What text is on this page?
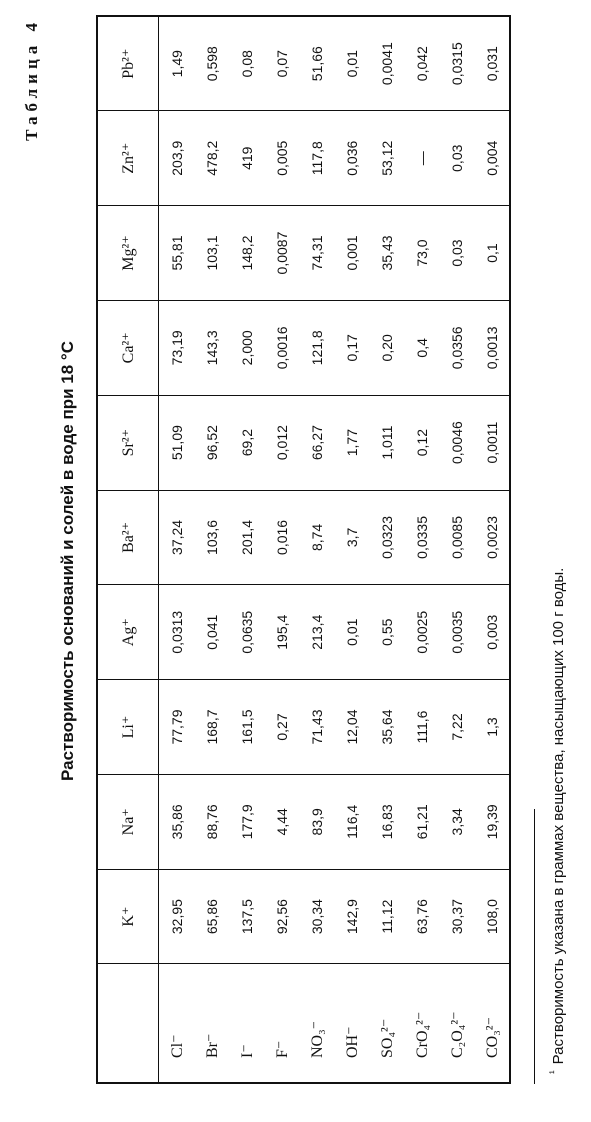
Таблица 4
Растворимость оснований и солей в воде при 18 °С
	K⁺	Na⁺	Li⁺	Ag⁺	Ba²⁺	Sr²⁺	Ca²⁺	Mg²⁺	Zn²⁺	Pb²⁺
Cl⁻	32,95	35,86	77,79	0,0313	37,24	51,09	73,19	55,81	203,9	1,49
Br⁻	65,86	88,76	168,7	0,041	103,6	96,52	143,3	103,1	478,2	0,598
I⁻	137,5	177,9	161,5	0,0635	201,4	69,2	2,000	148,2	419	0,08
F⁻	92,56	4,44	0,27	195,4	0,016	0,012	0,0016	0,0087	0,005	0,07
NO₃⁻	30,34	83,9	71,43	213,4	8,74	66,27	121,8	74,31	117,8	51,66
OH⁻	142,9	116,4	12,04	0,01	3,7	1,77	0,17	0,001	0,036	0,01
SO₄²⁻	11,12	16,83	35,64	0,55	0,0323	1,011	0,20	35,43	53,12	0,0041
CrO₄²⁻	63,76	61,21	111,6	0,0025	0,0335	0,12	0,4	73,0	—	0,042
C₂O₄²⁻	30,37	3,34	7,22	0,0035	0,0085	0,0046	0,0356	0,03	0,03	0,0315
CO₃²⁻	108,0	19,39	1,3	0,003	0,0023	0,0011	0,0013	0,1	0,004	0,031
$^{^1}$Растворимость указана в граммах вещества, насыщающих 100 г воды.
